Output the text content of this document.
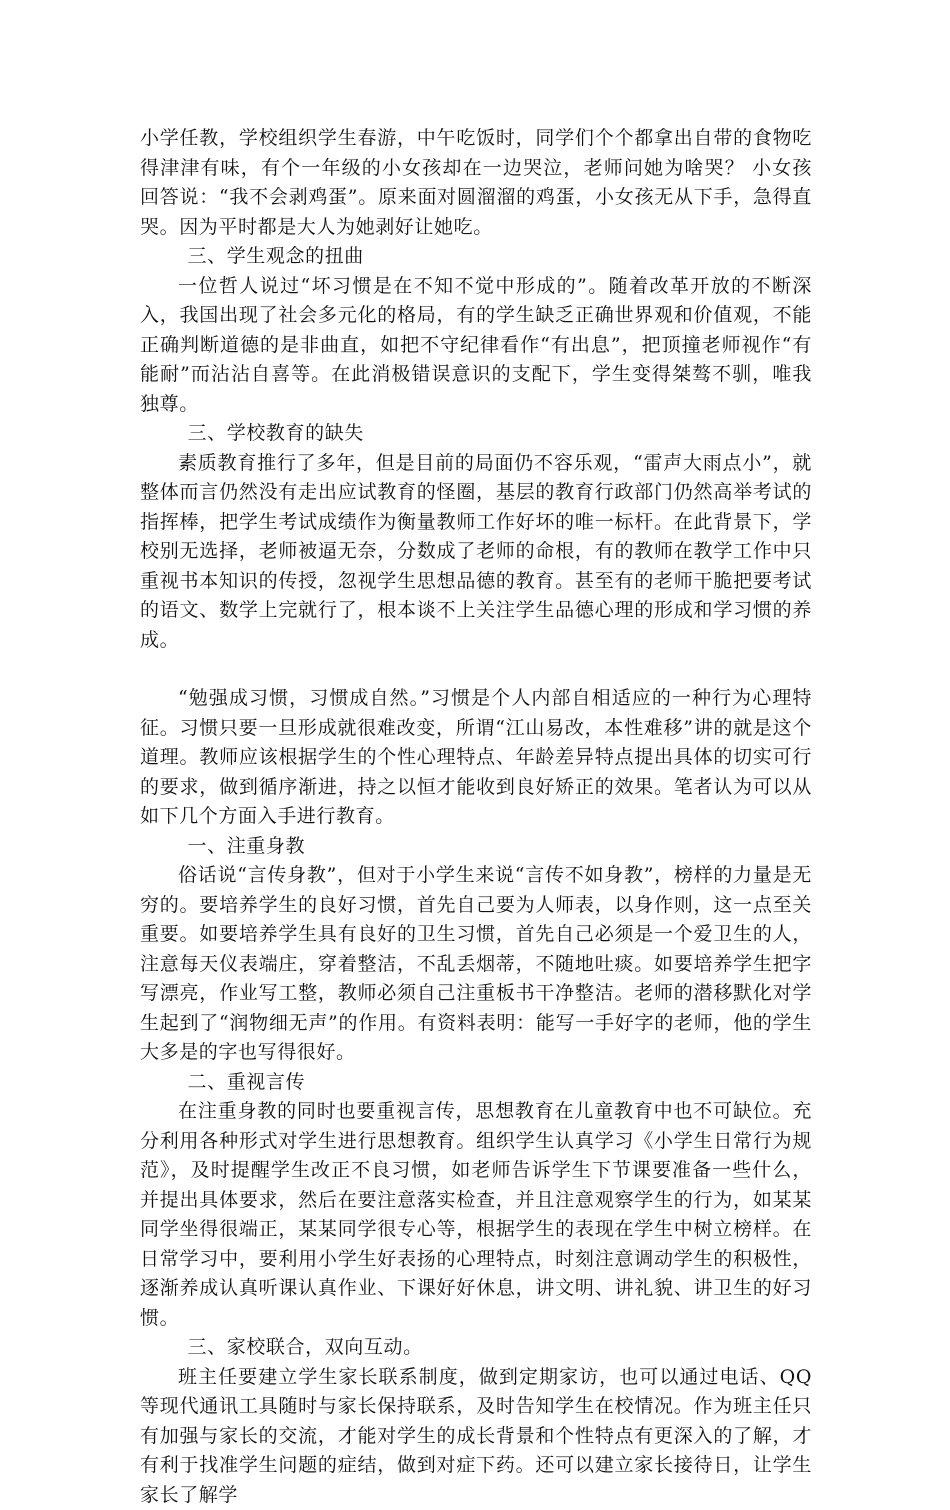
小学任教，学校组织学生春游，中午吃饭时，同学们个个都拿出自带的食物吃得津津有味，有个一年级的小女孩却在一边哭泣，老师问她为啥哭？ 小女孩回答说：“我不会剥鸡蛋”。原来面对圆溜溜的鸡蛋，小女孩无从下手，急得直哭。因为平时都是大人为她剥好让她吃。

三、学生观念的扭曲

一位哲人说过“坏习惯是在不知不觉中形成的”。随着改革开放的不断深入，我国出现了社会多元化的格局，有的学生缺乏正确世界观和价值观，不能正确判断道德的是非曲直，如把不守纪律看作“有出息”，把顶撞老师视作“有能耐”而沾沾自喜等。在此消极错误意识的支配下，学生变得桀骜不驯，唯我独尊。

三、学校教育的缺失

素质教育推行了多年，但是目前的局面仍不容乐观，“雷声大雨点小”，就整体而言仍然没有走出应试教育的怪圈，基层的教育行政部门仍然高举考试的指挥棒，把学生考试成绩作为衡量教师工作好坏的唯一标杆。在此背景下，学校别无选择，老师被逼无奈，分数成了老师的命根，有的教师在教学工作中只重视书本知识的传授，忽视学生思想品德的教育。甚至有的老师干脆把要考试的语文、数学上完就行了，根本谈不上关注学生品德心理的形成和学习惯的养成。

“勉强成习惯，习惯成自然。”习惯是个人内部自相适应的一种行为心理特征。习惯只要一旦形成就很难改变，所谓“江山易改，本性难移”讲的就是这个道理。教师应该根据学生的个性心理特点、年龄差异特点提出具体的切实可行的要求，做到循序渐进，持之以恒才能收到良好矫正的效果。笔者认为可以从如下几个方面入手进行教育。

一、注重身教

俗话说“言传身教”，但对于小学生来说“言传不如身教”，榜样的力量是无穷的。要培养学生的良好习惯，首先自己要为人师表，以身作则，这一点至关重要。如要培养学生具有良好的卫生习惯，首先自己必须是一个爱卫生的人，注意每天仪表端庄，穿着整洁，不乱丢烟蒂，不随地吐痰。如要培养学生把字写漂亮，作业写工整，教师必须自己注重板书干净整洁。老师的潜移默化对学生起到了“润物细无声”的作用。有资料表明：能写一手好字的老师，他的学生大多是的字也写得很好。

二、重视言传

在注重身教的同时也要重视言传，思想教育在儿童教育中也不可缺位。充分利用各种形式对学生进行思想教育。组织学生认真学习《小学生日常行为规范》，及时提醒学生改正不良习惯，如老师告诉学生下节课要准备一些什么，并提出具体要求，然后在要注意落实检查，并且注意观察学生的行为，如某某同学坐得很端正，某某同学很专心等，根据学生的表现在学生中树立榜样。在日常学习中，要利用小学生好表扬的心理特点，时刻注意调动学生的积极性，逐渐养成认真听课认真作业、下课好好休息，讲文明、讲礼貌、讲卫生的好习惯。

三、家校联合，双向互动。

班主任要建立学生家长联系制度，做到定期家访，也可以通过电话、QQ等现代通讯工具随时与家长保持联系，及时告知学生在校情况。作为班主任只有加强与家长的交流，才能对学生的成长背景和个性特点有更深入的了解，才有利于找准学生问题的症结，做到对症下药。还可以建立家长接待日，让学生家长了解学
